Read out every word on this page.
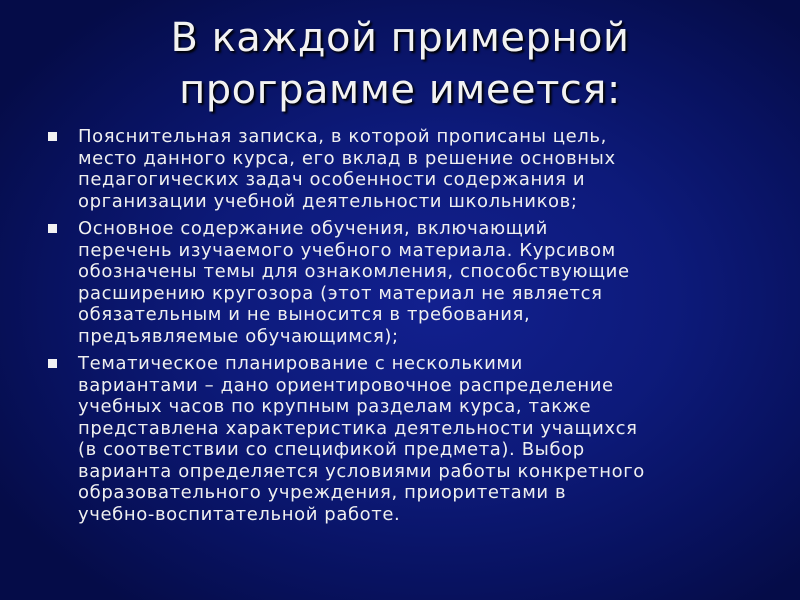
В каждой примерной
программе имеется:
Пояснительная записка, в которой прописаны цель,
место данного курса, его вклад в решение основных
педагогических задач особенности содержания и
организации учебной деятельности школьников;
Основное содержание обучения, включающий
перечень изучаемого учебного материала. Курсивом
обозначены темы для ознакомления, способствующие
расширению кругозора (этот материал не является
обязательным и не выносится в требования,
предъявляемые обучающимся);
Тематическое планирование с несколькими
вариантами – дано ориентировочное распределение
учебных часов по крупным разделам курса, также
представлена характеристика деятельности учащихся
(в соответствии со спецификой предмета). Выбор
варианта определяется условиями работы конкретного
образовательного учреждения, приоритетами в
учебно-воспитательной работе.
